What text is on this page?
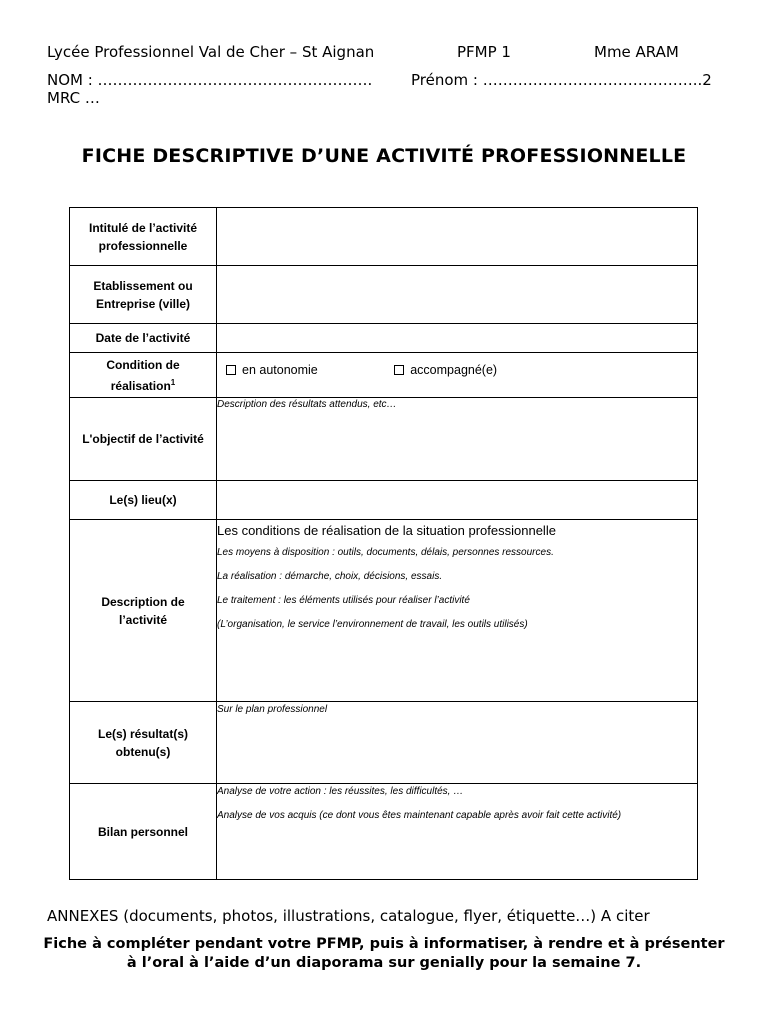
Lycée Professionnel Val de Cher – St Aignan	PFMP 1	Mme ARAM
NOM : ……………………………………………….	Prénom : ……………………………………..2
MRC …
FICHE DESCRIPTIVE D’UNE ACTIVITÉ PROFESSIONNELLE
Intitulé de l’activité professionnelle	
Etablissement ou Entreprise (ville)	
Date de l’activité	
Condition de réalisation$^1$	en autonomie
accompagné(e)

L'objectif de l’activité	Description des résultats attendus, etc…

Le(s) lieu(x)	
Description de l’activité	Les conditions de réalisation de la situation professionnelle

Les moyens à disposition : outils, documents, délais, personnes ressources.

La réalisation : démarche, choix, décisions, essais.

Le traitement : les éléments utilisés pour réaliser l’activité

(L’organisation, le service l’environnement de travail, les outils utilisés)

Le(s) résultat(s) obtenu(s)	Sur le plan professionnel

Bilan personnel	Analyse de votre action : les réussites, les difficultés, …

Analyse de vos acquis (ce dont vous êtes maintenant capable après avoir fait cette activité)

ANNEXES (documents, photos, illustrations, catalogue, flyer, étiquette…) A citer
Fiche à compléter pendant votre PFMP, puis à informatiser, à rendre et à présenter à l’oral à l’aide d’un diaporama sur genially pour la semaine 7.
